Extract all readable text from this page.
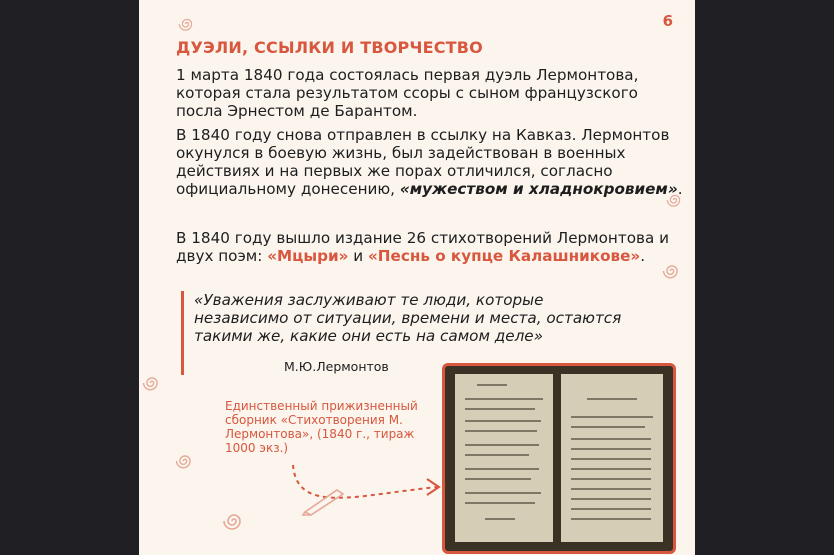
6
ДУЭЛИ, ССЫЛКИ И ТВОРЧЕСТВО
1 марта 1840 года состоялась первая дуэль Лермонтова, которая стала результатом ссоры с сыном французского посла Эрнестом де Барантом.
В 1840 году снова отправлен в ссылку на Кавказ. Лермонтов окунулся в боевую жизнь, был задействован в военных действиях и на первых же порах отличился, согласно официальному донесению, «мужеством и хладнокровием».
В 1840 году вышло издание 26 стихотворений Лермонтова и двух поэм: «Мцыри» и «Песнь о купце Калашникове».
«Уважения заслуживают те люди, которые независимо от ситуации, времени и места, остаются такими же, какие они есть на самом деле»
М.Ю.Лермонтов
Единственный прижизненный сборник «Стихотворения М. Лермонтова», (1840 г., тираж 1000 экз.)
